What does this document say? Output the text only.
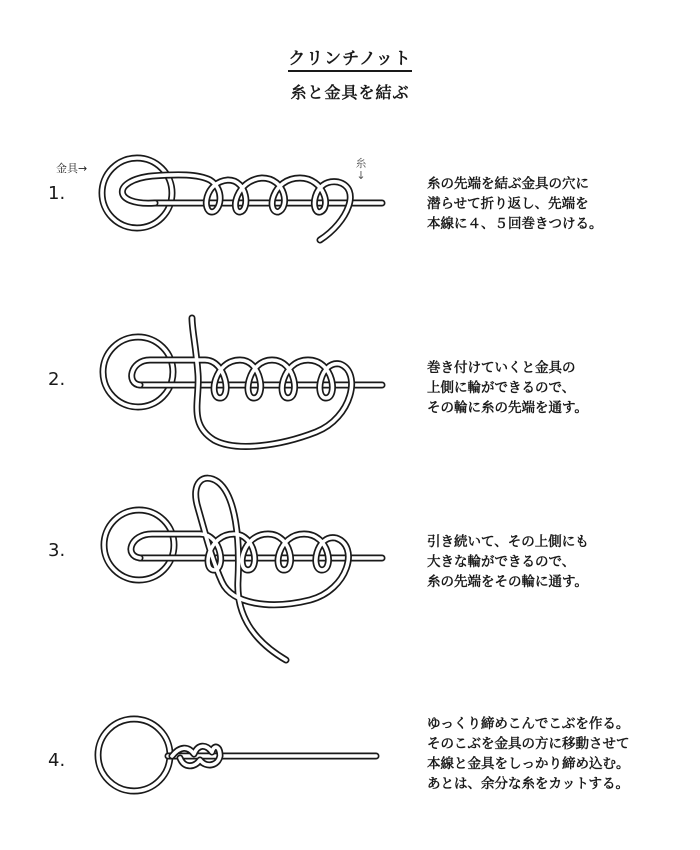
クリンチノット
糸と金具を結ぶ
金具→	糸
↓
1.
2.
3.
4.
糸の先端を結ぶ金具の穴に
潜らせて折り返し、先端を
本線に４、５回巻きつける。
巻き付けていくと金具の
上側に輪ができるので、
その輪に糸の先端を通す。
引き続いて、その上側にも
大きな輪ができるので、
糸の先端をその輪に通す。
ゆっくり締めこんでこぶを作る。
そのこぶを金具の方に移動させて
本線と金具をしっかり締め込む。
あとは、余分な糸をカットする。
